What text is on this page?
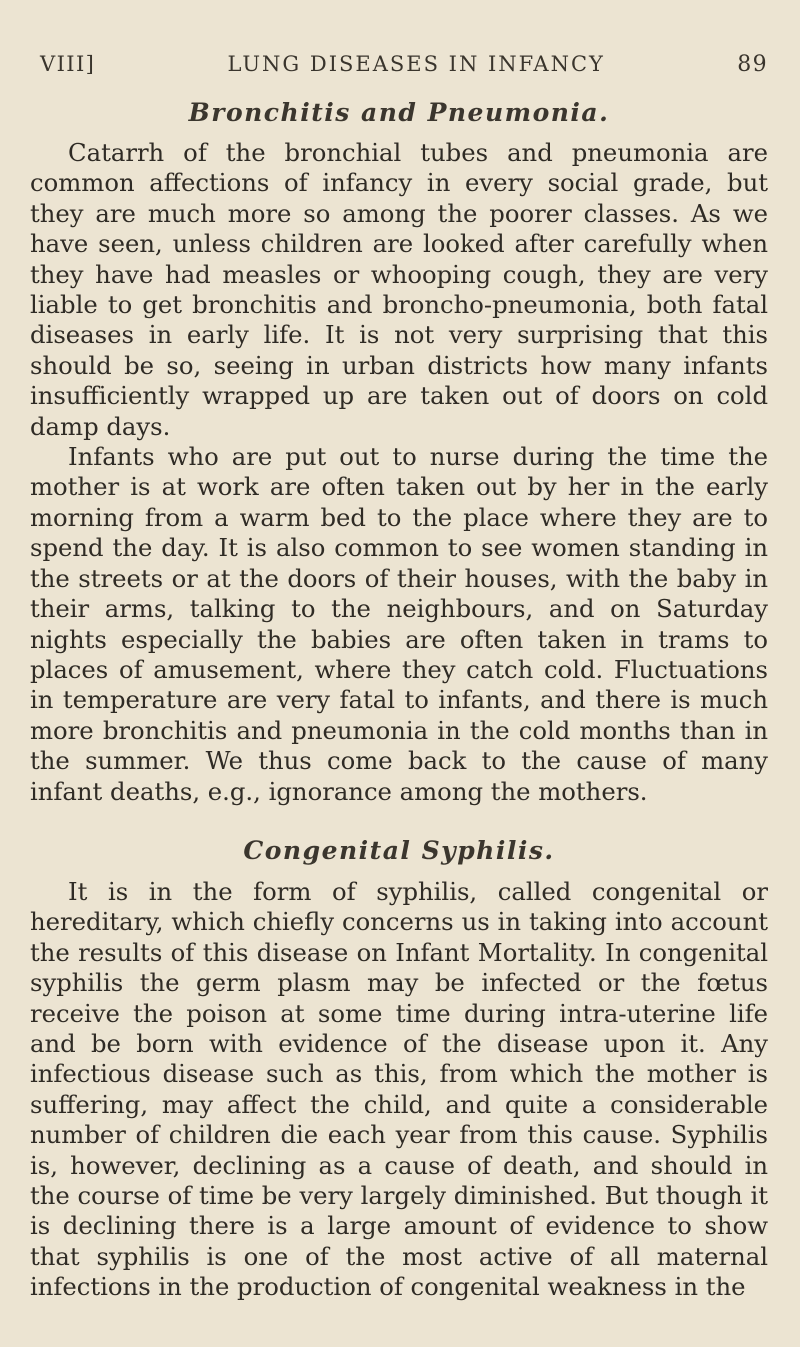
VIII]	LUNG DISEASES IN INFANCY	89
Bronchitis and Pneumonia.

Catarrh of the bronchial tubes and pneumonia are common affections of infancy in every social grade, but they are much more so among the poorer classes. As we have seen, unless children are looked after carefully when they have had measles or whooping cough, they are very liable to get bronchitis and broncho-pneumonia, both fatal diseases in early life. It is not very surprising that this should be so, seeing in urban districts how many infants insufficiently wrapped up are taken out of doors on cold damp days.

Infants who are put out to nurse during the time the mother is at work are often taken out by her in the early morning from a warm bed to the place where they are to spend the day. It is also common to see women standing in the streets or at the doors of their houses, with the baby in their arms, talking to the neighbours, and on Saturday nights especially the babies are often taken in trams to places of amusement, where they catch cold. Fluctuations in temperature are very fatal to infants, and there is much more bronchitis and pneumonia in the cold months than in the summer. We thus come back to the cause of many infant deaths, e.g., ignorance among the mothers.

Congenital Syphilis.

It is in the form of syphilis, called congenital or hereditary, which chiefly concerns us in taking into account the results of this disease on Infant Mortality. In congenital syphilis the germ plasm may be infected or the fœtus receive the poison at some time during intra-uterine life and be born with evidence of the disease upon it. Any infectious disease such as this, from which the mother is suffering, may affect the child, and quite a considerable number of children die each year from this cause. Syphilis is, however, declining as a cause of death, and should in the course of time be very largely diminished. But though it is declining there is a large amount of evidence to show that syphilis is one of the most active of all maternal infections in the production of congenital weakness in the
